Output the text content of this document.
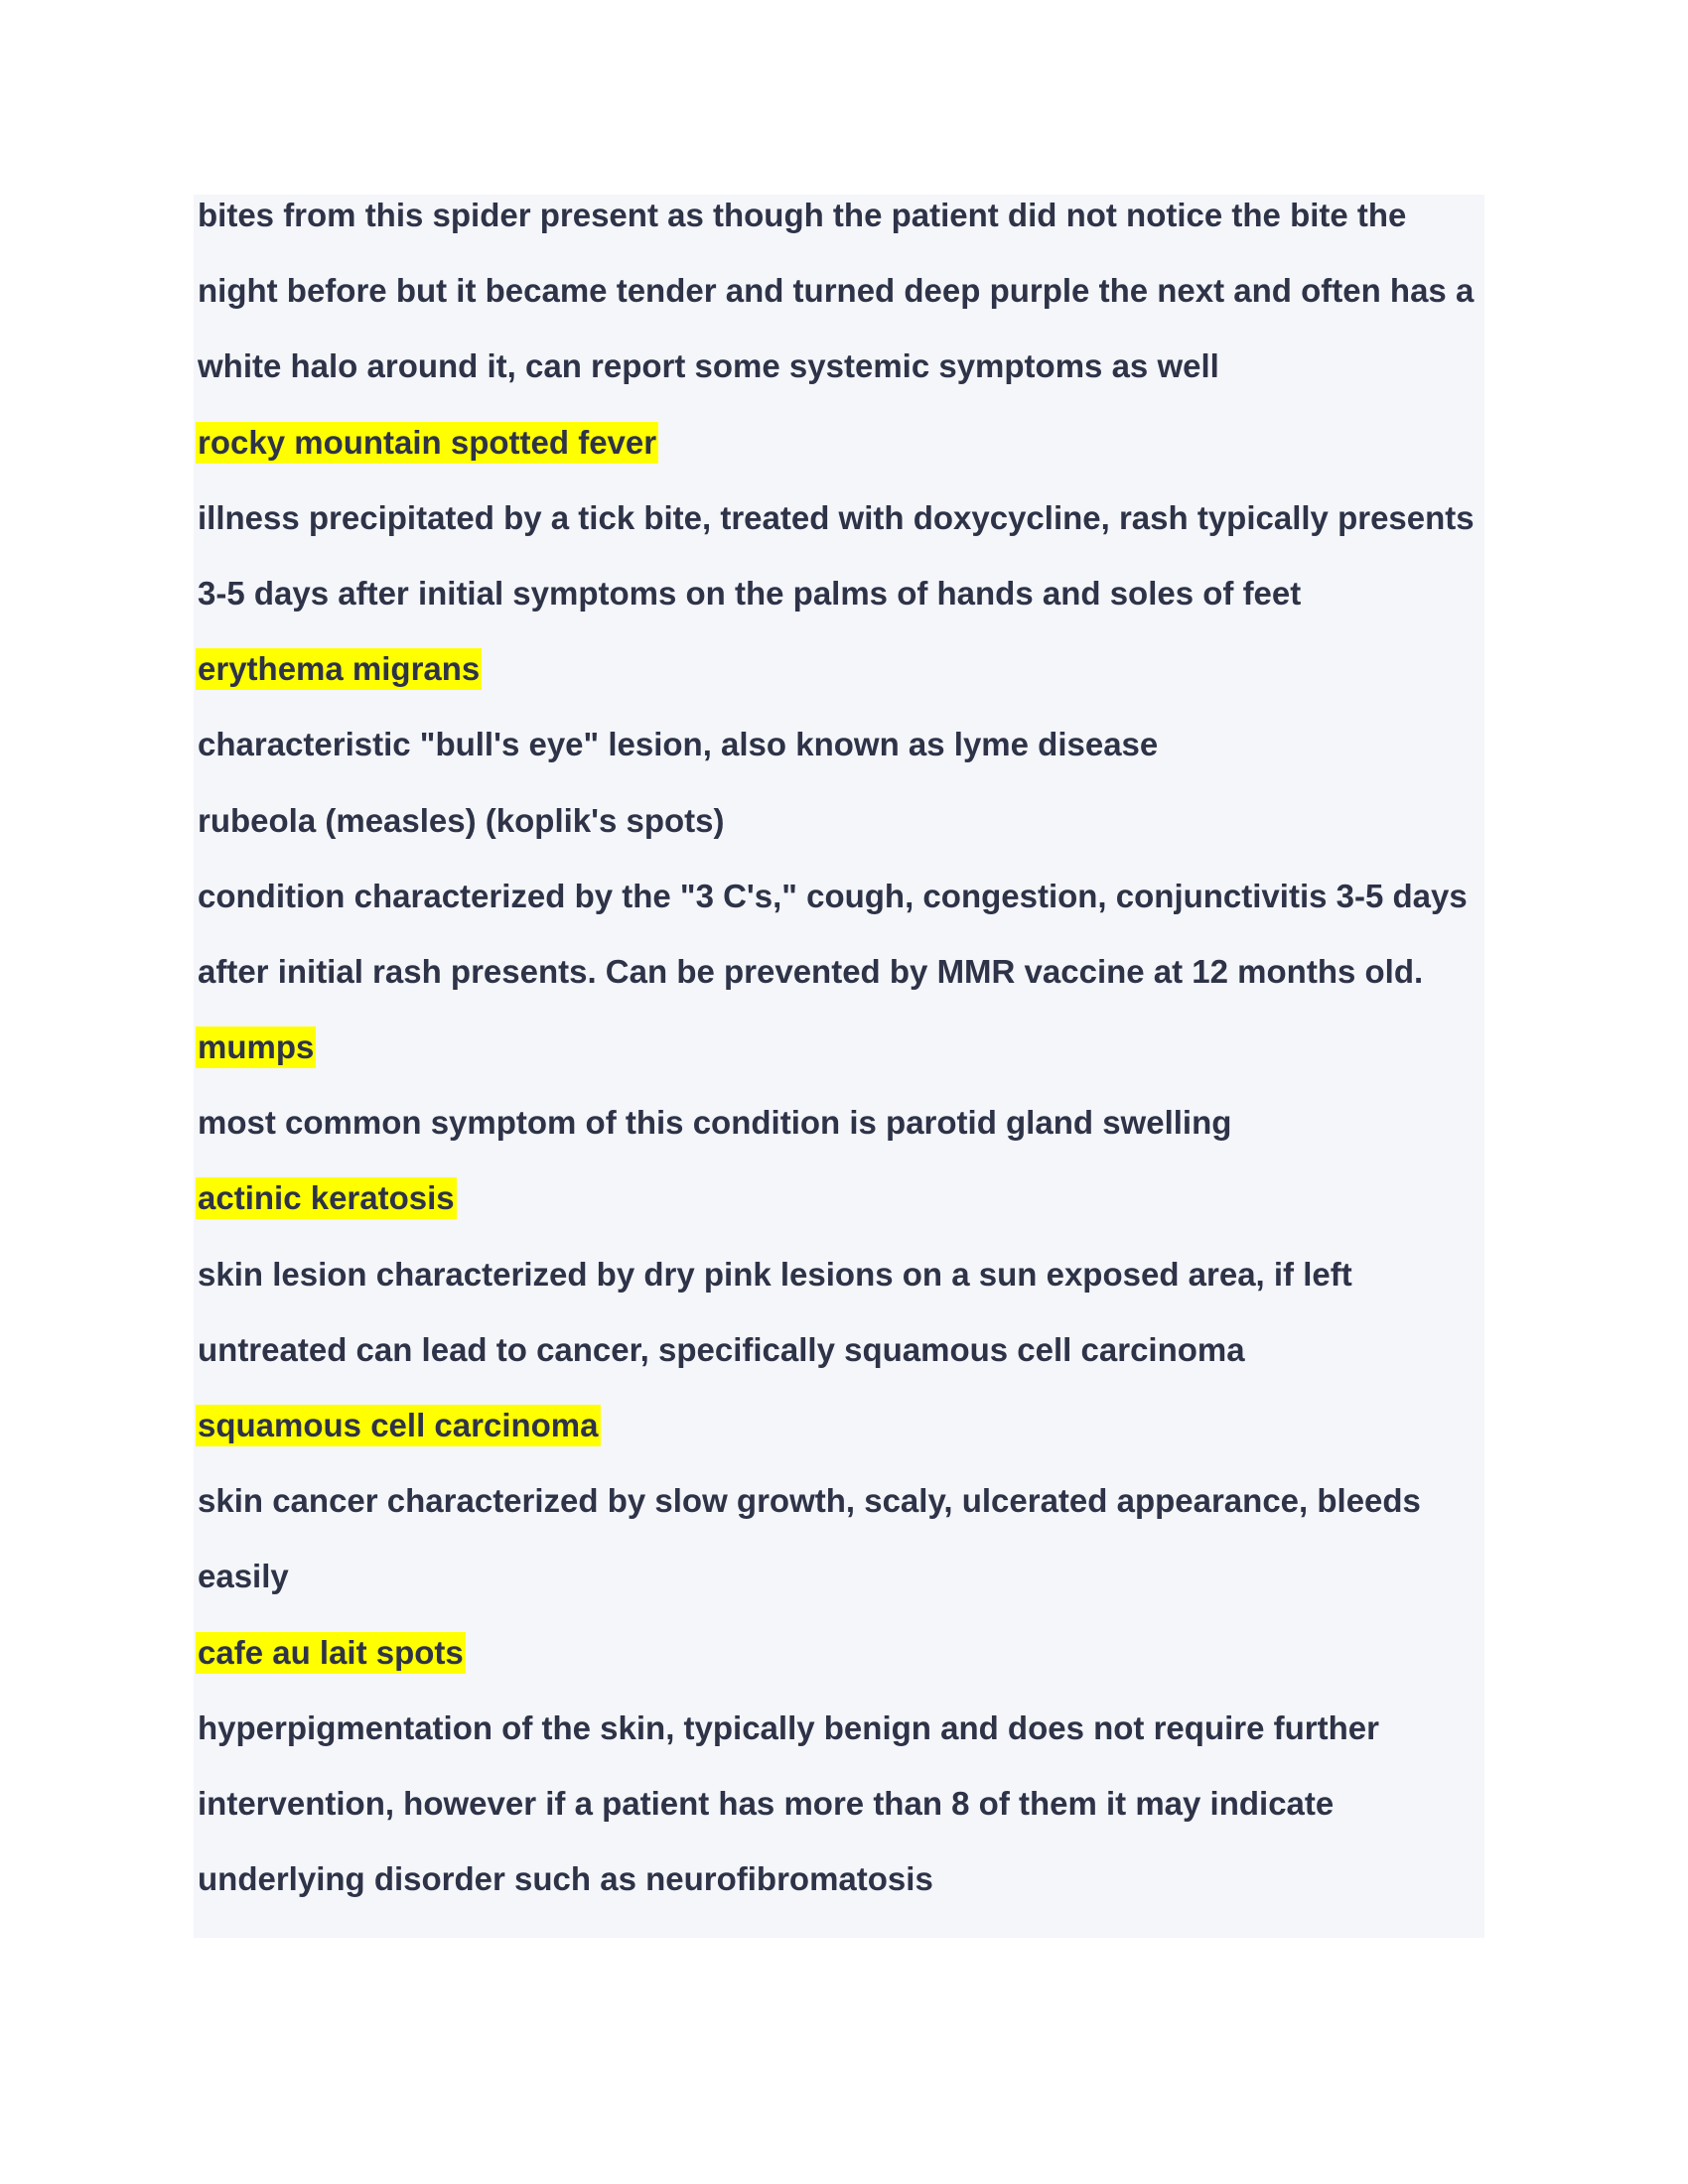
bites from this spider present as though the patient did not notice the bite the
night before but it became tender and turned deep purple the next and often has a
white halo around it, can report some systemic symptoms as well
rocky mountain spotted fever
illness precipitated by a tick bite, treated with doxycycline, rash typically presents
3-5 days after initial symptoms on the palms of hands and soles of feet
erythema migrans
characteristic "bull's eye" lesion, also known as lyme disease
rubeola (measles) (koplik's spots)
condition characterized by the "3 C's," cough, congestion, conjunctivitis 3-5 days
after initial rash presents. Can be prevented by MMR vaccine at 12 months old.
mumps
most common symptom of this condition is parotid gland swelling
actinic keratosis
skin lesion characterized by dry pink lesions on a sun exposed area, if left
untreated can lead to cancer, specifically squamous cell carcinoma
squamous cell carcinoma
skin cancer characterized by slow growth, scaly, ulcerated appearance, bleeds
easily
cafe au lait spots
hyperpigmentation of the skin, typically benign and does not require further
intervention, however if a patient has more than 8 of them it may indicate
underlying disorder such as neurofibromatosis
